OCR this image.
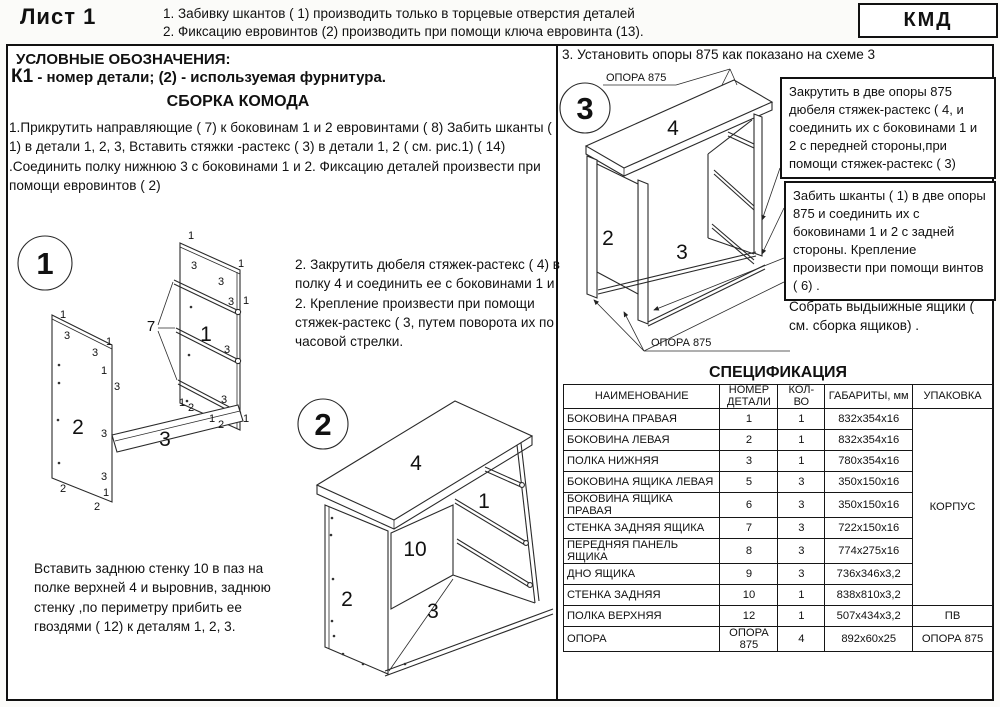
Лист 1	1. Забивку шкантов ( 1) производить только в торцевые отверстия деталей
2. Фиксацию евровинтов (2) производить при помощи ключа евровинта (13).
КМД
УСЛОВНЫЕ ОБОЗНАЧЕНИЯ:
К1 - номер детали; (2) - используемая фурнитура.
СБОРКА КОМОДА
1.Прикрутить направляющие ( 7) к боковинам 1 и 2 евровинтами ( 8) Забить шканты ( 1) в детали 1, 2, 3, Вставить стяжки -растекс ( 3) в детали 1, 2 ( см. рис.1) ( 14) .Соединить полку нижнюю 3 с боковинами 1 и 2. Фиксацию деталей произвести при помощи евровинтов ( 2)
2. Закрутить дюбеля стяжек-растекс ( 4) в полку 4 и соединить ее с боковинами 1 и 2. Крепление произвести при помощи стяжек-растекс ( 3, путем поворота их по часовой стрелки.
Вставить заднюю стенку 10 в паз на полке верхней 4 и выровнив, заднюю стенку ,по периметру прибить ее гвоздями ( 12) к деталям 1, 2, 3.
1
1
3	1
3
3 1
7 1
3
1
3	1
3
1
3
2
3
3
1 2
3
1 2 1
3
1
2
2
2
4
1
10
2
3
ОПОРА 875
ОПОРА 875
3
4
2
3
3. Установить опоры 875 как показано на схеме 3
Закрутить в две опоры 875 дюбеля стяжек-растекс ( 4, и соединить их с боковинами 1 и 2 с передней стороны,при помощи стяжек-растекс ( 3)
Забить шканты ( 1) в две опоры 875 и соединить их с боковинами 1 и 2 с задней стороны. Крепление произвести при помощи винтов ( 6) .
Собрать выдыижные ящики ( см. сборка ящиков) .
СПЕЦИФИКАЦИЯ
НАИМЕНОВАНИЕ	НОМЕР ДЕТАЛИ	КОЛ-ВО	ГАБАРИТЫ, мм	УПАКОВКА
БОКОВИНА ПРАВАЯ	1	1	832x354x16	КОРПУС
БОКОВИНА ЛЕВАЯ	2	1	832x354x16	
ПОЛКА НИЖНЯЯ	3	1	780x354x16	
БОКОВИНА ЯЩИКА ЛЕВАЯ	5	3	350x150x16	
БОКОВИНА ЯЩИКА ПРАВАЯ	6	3	350x150x16	
СТЕНКА ЗАДНЯЯ ЯЩИКА	7	3	722x150x16	
ПЕРЕДНЯЯ ПАНЕЛЬ ЯЩИКА	8	3	774x275x16	
ДНО ЯЩИКА	9	3	736x346x3,2	
СТЕНКА ЗАДНЯЯ	10	1	838x810x3,2	
ПОЛКА ВЕРХНЯЯ	12	1	507x434x3,2	ПВ
ОПОРА	ОПОРА 875	4	892x60x25	ОПОРА 875
